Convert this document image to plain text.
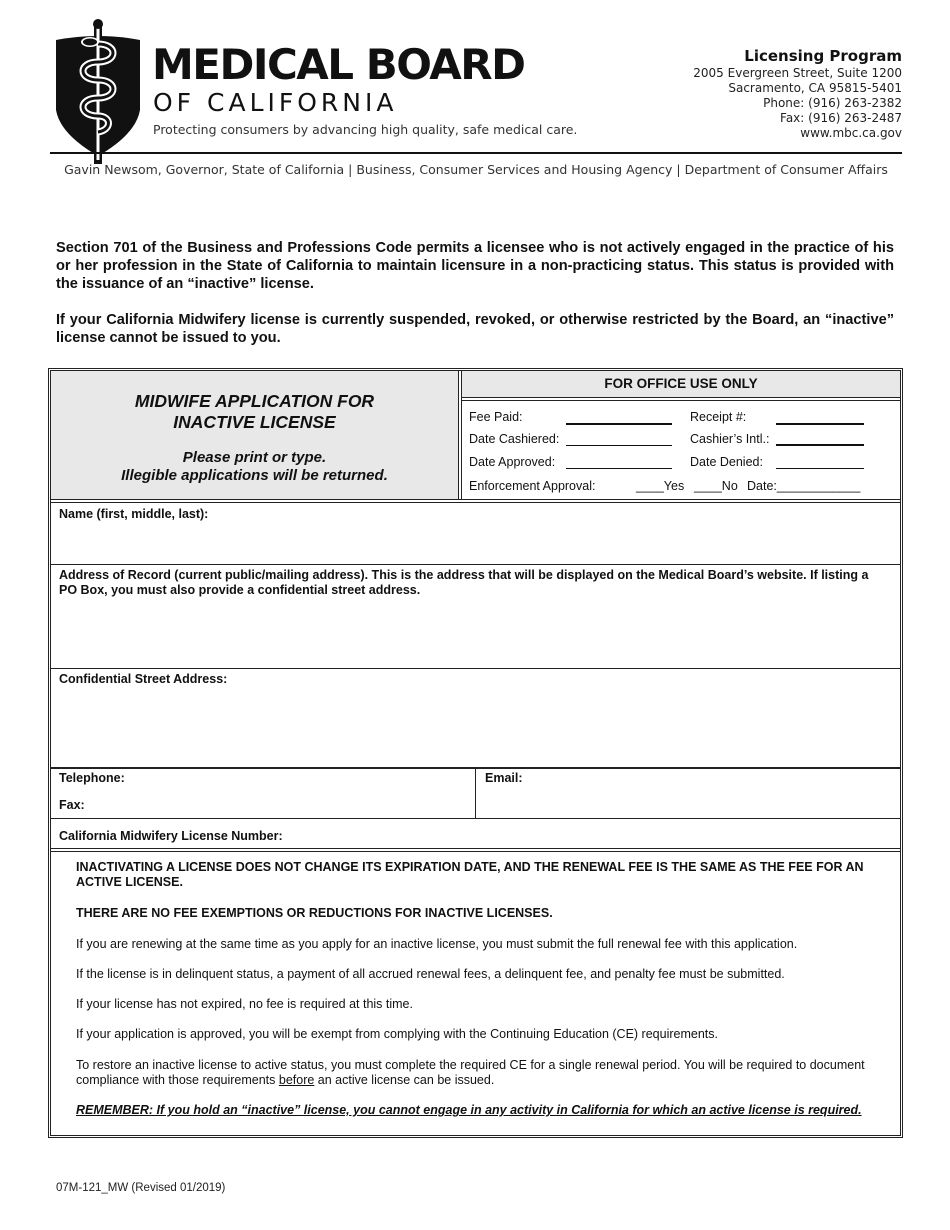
MEDICAL BOARD
OF CALIFORNIA
Protecting consumers by advancing high quality, safe medical care.
Licensing Program
2005 Evergreen Street, Suite 1200
Sacramento, CA 95815-5401
Phone: (916) 263-2382
Fax: (916) 263-2487
www.mbc.ca.gov
Gavin Newsom, Governor, State of California | Business, Consumer Services and Housing Agency | Department of Consumer Affairs
Section 701 of the Business and Professions Code permits a licensee who is not actively engaged in the practice of his or her profession in the State of California to maintain licensure in a non-practicing status. This status is provided with the issuance of an “inactive” license.
If your California Midwifery license is currently suspended, revoked, or otherwise restricted by the Board, an “inactive” license cannot be issued to you.
MIDWIFE APPLICATION FOR
INACTIVE LICENSE
Please print or type.
Illegible applications will be returned.
FOR OFFICE USE ONLY
Fee Paid:	Receipt #:
Date Cashiered:	Cashier’s Intl.:
Date Approved:	Date Denied:
Enforcement Approval:	____Yes ____No Date:____________
Name (first, middle, last):
Address of Record (current public/mailing address). This is the address that will be displayed on the Medical Board’s website. If listing a PO Box, you must also provide a confidential street address.
Confidential Street Address:
Telephone:
Fax:
Email:
California Midwifery License Number:
INACTIVATING A LICENSE DOES NOT CHANGE ITS EXPIRATION DATE, AND THE RENEWAL FEE IS THE SAME AS THE FEE FOR AN ACTIVE LICENSE.
THERE ARE NO FEE EXEMPTIONS OR REDUCTIONS FOR INACTIVE LICENSES.
If you are renewing at the same time as you apply for an inactive license, you must submit the full renewal fee with this application.
If the license is in delinquent status, a payment of all accrued renewal fees, a delinquent fee, and penalty fee must be submitted.
If your license has not expired, no fee is required at this time.
If your application is approved, you will be exempt from complying with the Continuing Education (CE) requirements.
To restore an inactive license to active status, you must complete the required CE for a single renewal period. You will be required to document compliance with those requirements before an active license can be issued.
REMEMBER: If you hold an “inactive” license, you cannot engage in any activity in California for which an active license is required.
07M-121_MW (Revised 01/2019)
